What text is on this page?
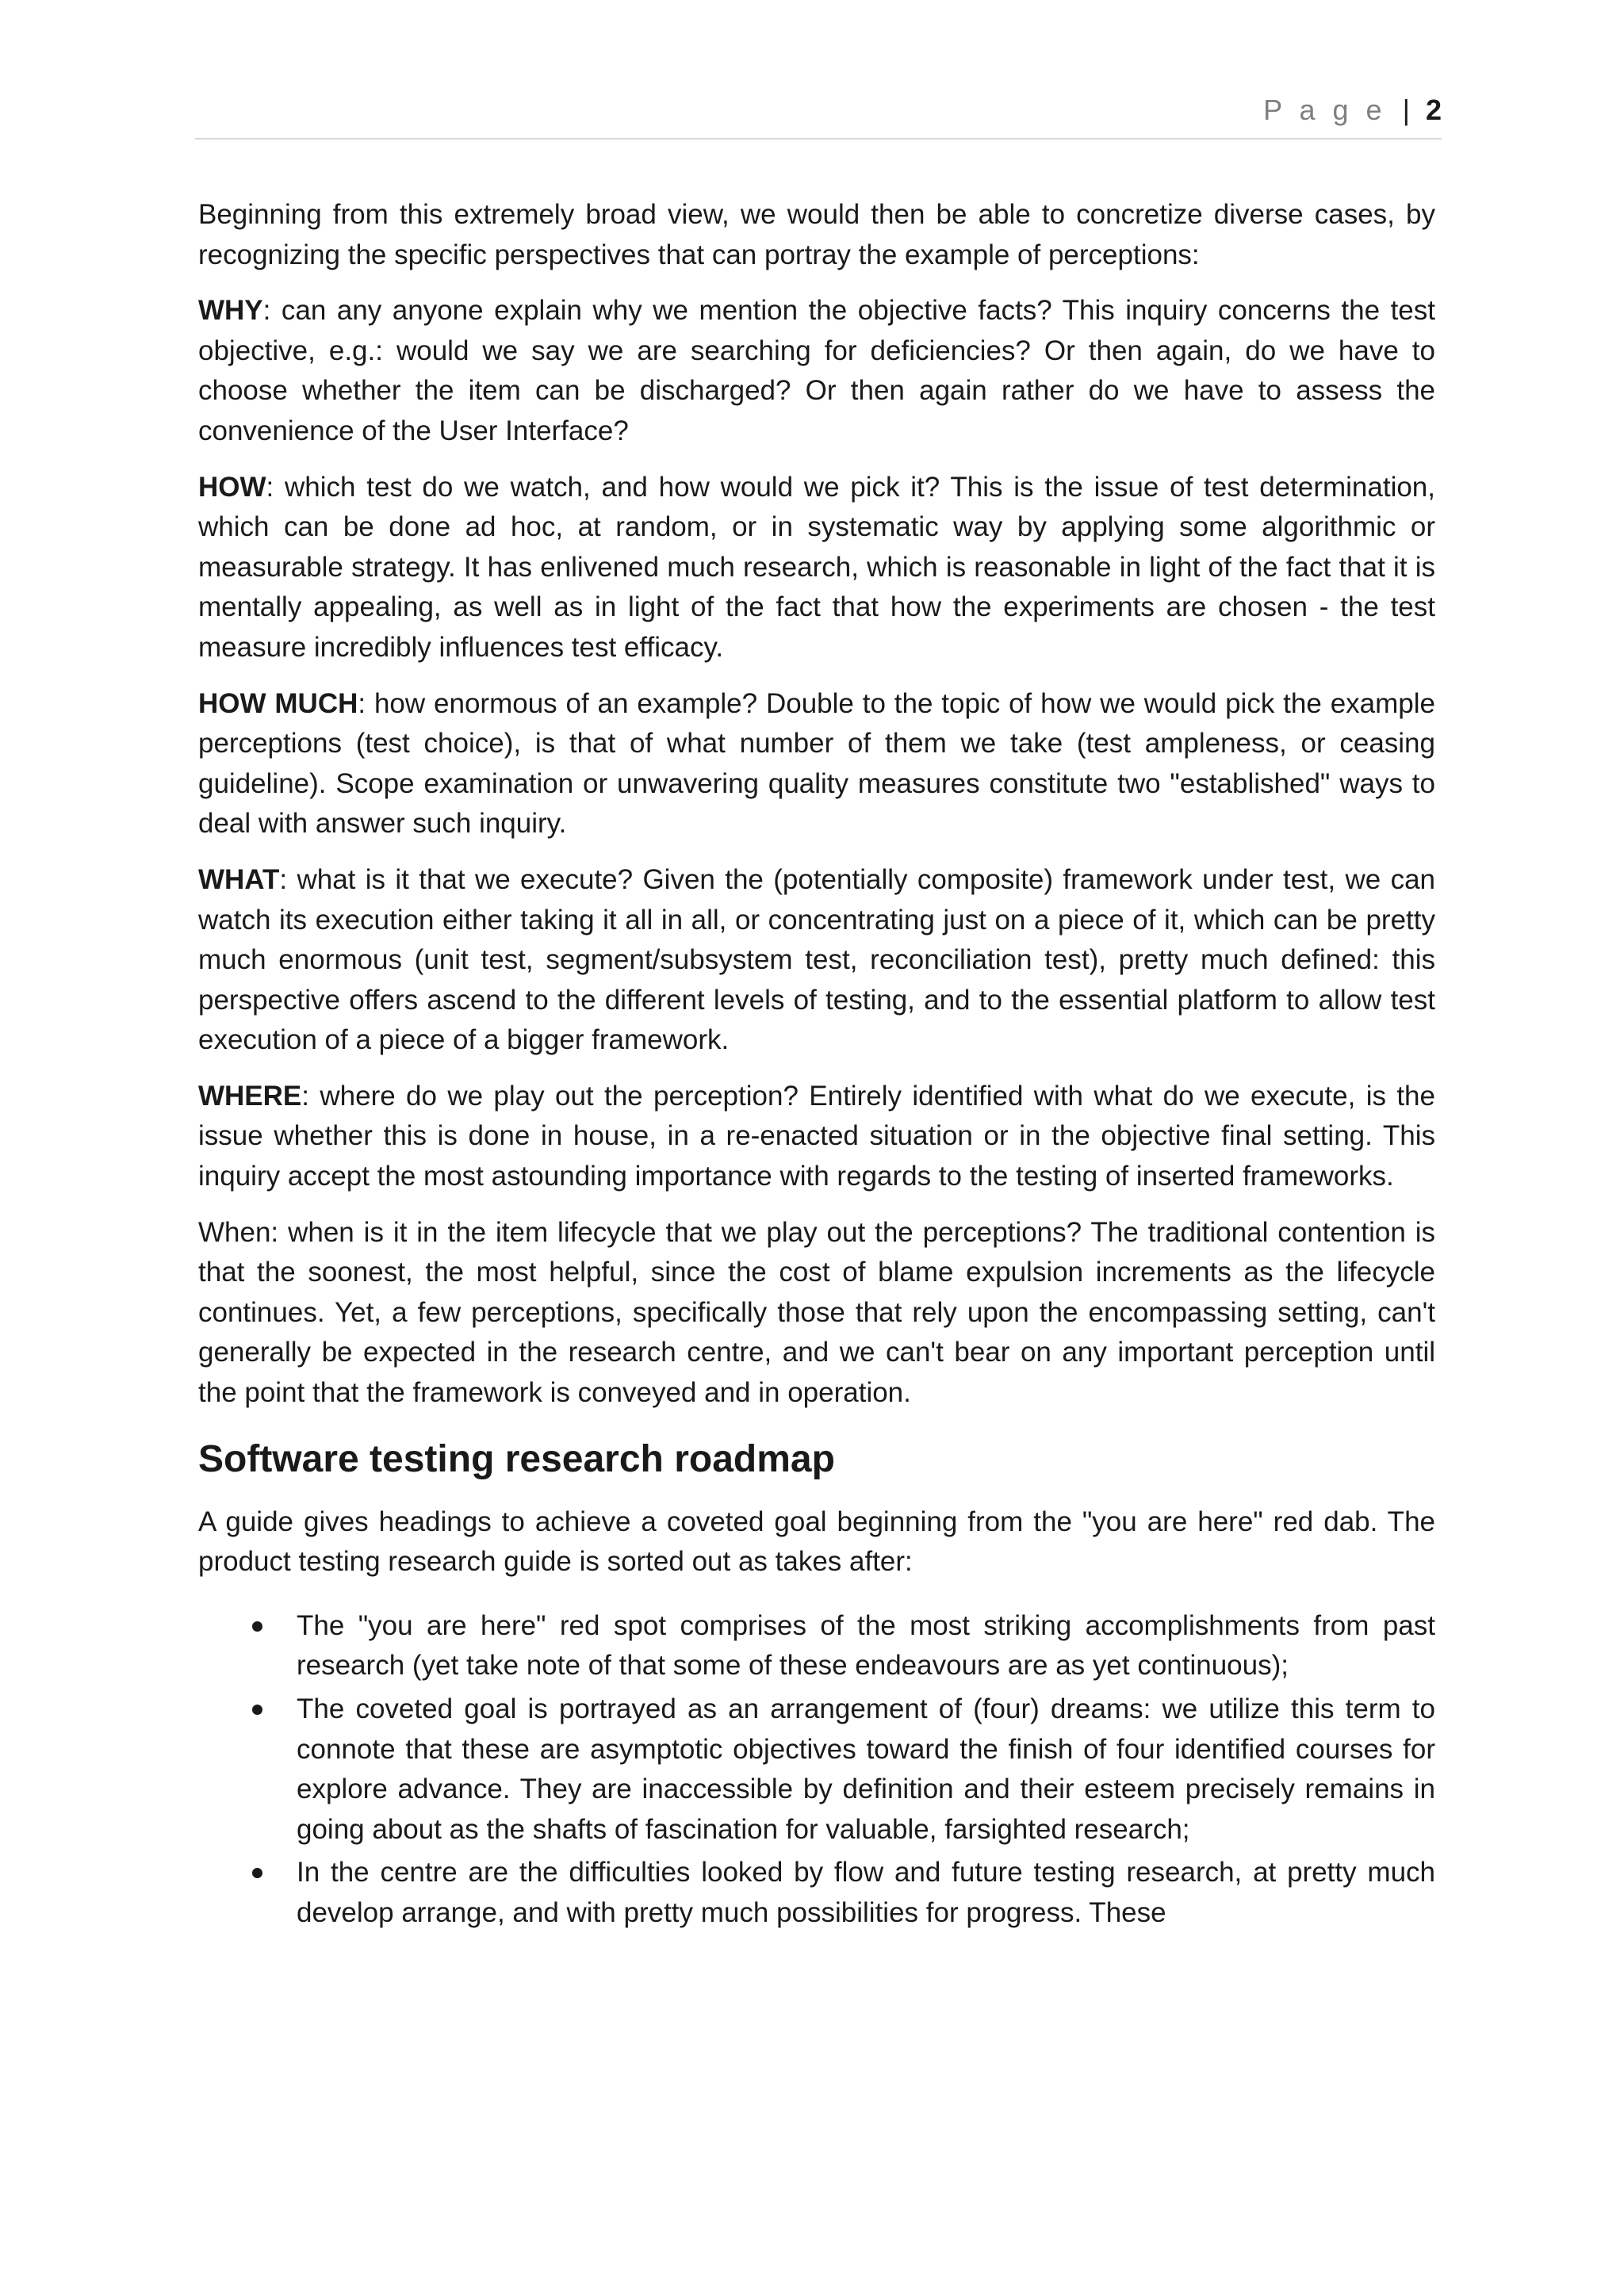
P a g e | 2

Beginning from this extremely broad view, we would then be able to concretize diverse cases, by recognizing the specific perspectives that can portray the example of perceptions:

WHY: can any anyone explain why we mention the objective facts? This inquiry concerns the test objective, e.g.: would we say we are searching for deficiencies? Or then again, do we have to choose whether the item can be discharged? Or then again rather do we have to assess the convenience of the User Interface?

HOW: which test do we watch, and how would we pick it? This is the issue of test determination, which can be done ad hoc, at random, or in systematic way by applying some algorithmic or measurable strategy. It has enlivened much research, which is reasonable in light of the fact that it is mentally appealing, as well as in light of the fact that how the experiments are chosen - the test measure incredibly influences test efficacy.

HOW MUCH: how enormous of an example? Double to the topic of how we would pick the example perceptions (test choice), is that of what number of them we take (test ampleness, or ceasing guideline). Scope examination or unwavering quality measures constitute two "established" ways to deal with answer such inquiry.

WHAT: what is it that we execute? Given the (potentially composite) framework under test, we can watch its execution either taking it all in all, or concentrating just on a piece of it, which can be pretty much enormous (unit test, segment/subsystem test, reconciliation test), pretty much defined: this perspective offers ascend to the different levels of testing, and to the essential platform to allow test execution of a piece of a bigger framework.

WHERE: where do we play out the perception? Entirely identified with what do we execute, is the issue whether this is done in house, in a re-enacted situation or in the objective final setting. This inquiry accept the most astounding importance with regards to the testing of inserted frameworks.

When: when is it in the item lifecycle that we play out the perceptions? The traditional contention is that the soonest, the most helpful, since the cost of blame expulsion increments as the lifecycle continues. Yet, a few perceptions, specifically those that rely upon the encompassing setting, can't generally be expected in the research centre, and we can't bear on any important perception until the point that the framework is conveyed and in operation.

Software testing research roadmap

A guide gives headings to achieve a coveted goal beginning from the "you are here" red dab. The product testing research guide is sorted out as takes after:

The "you are here" red spot comprises of the most striking accomplishments from past research (yet take note of that some of these endeavours are as yet continuous);
The coveted goal is portrayed as an arrangement of (four) dreams: we utilize this term to connote that these are asymptotic objectives toward the finish of four identified courses for explore advance. They are inaccessible by definition and their esteem precisely remains in going about as the shafts of fascination for valuable, farsighted research;
In the centre are the difficulties looked by flow and future testing research, at pretty much develop arrange, and with pretty much possibilities for progress. These
